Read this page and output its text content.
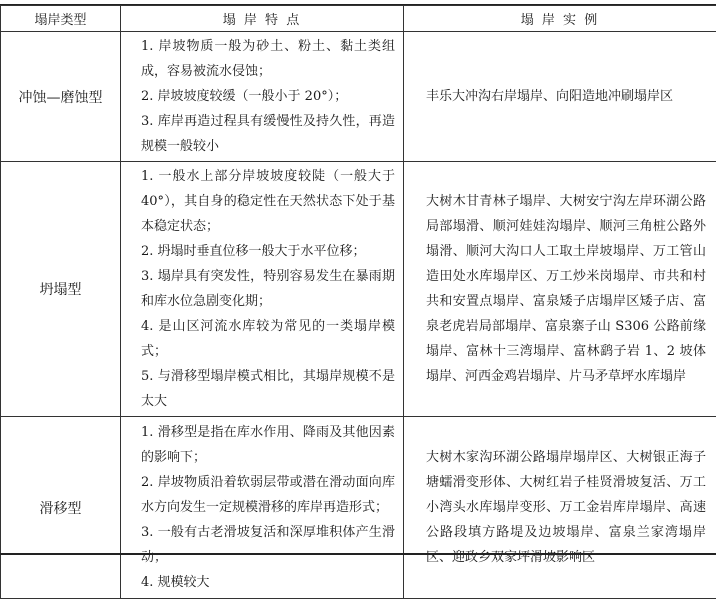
塌岸类型	塌 岸 特 点	塌 岸 实 例
冲蚀—磨蚀型	1. 岸坡物质一般为砂土、粉土、黏土类组成，容易被流水侵蚀；
2. 岸坡坡度较缓（一般小于 20°）；
3. 库岸再造过程具有缓慢性及持久性，再造规模一般较小	丰乐大冲沟右岸塌岸、向阳造地冲刷塌岸区
坍塌型	1. 一般水上部分岸坡坡度较陡（一般大于 40°），其自身的稳定性在天然状态下处于基本稳定状态；
2. 坍塌时垂直位移一般大于水平位移；
3. 塌岸具有突发性，特别容易发生在暴雨期和库水位急剧变化期；
4. 是山区河流水库较为常见的一类塌岸模式；
5. 与滑移型塌岸模式相比，其塌岸规模不是太大	大树木甘青林子塌岸、大树安宁沟左岸环湖公路局部塌滑、顺河娃娃沟塌岸、顺河三角桩公路外塌滑、顺河大沟口人工取土岸坡塌岸、万工管山造田处水库塌岸区、万工炒米岗塌岸、市共和村共和安置点塌岸、富泉矮子店塌岸区矮子店、富泉老虎岩局部塌岸、富泉寨子山 S306 公路前缘塌岸、富林十三湾塌岸、富林鹞子岩 1、2 坡体塌岸、河西金鸡岩塌岸、片马矛草坪水库塌岸
滑移型	1. 滑移型是指在库水作用、降雨及其他因素的影响下；
2. 岸坡物质沿着软弱层带或潜在滑动面向库水方向发生一定规模滑移的库岸再造形式；
3. 一般有古老滑坡复活和深厚堆积体产生滑动；
4. 规模较大	大树木家沟环湖公路塌岸塌岸区、大树银正海子塘蠕滑变形体、大树红岩子桂贤滑坡复活、万工小湾头水库塌岸变形、万工金岩库岸塌岸、高速公路段填方路堤及边坡塌岸、富泉兰家湾塌岸区、迎政乡双家坪滑坡影响区
